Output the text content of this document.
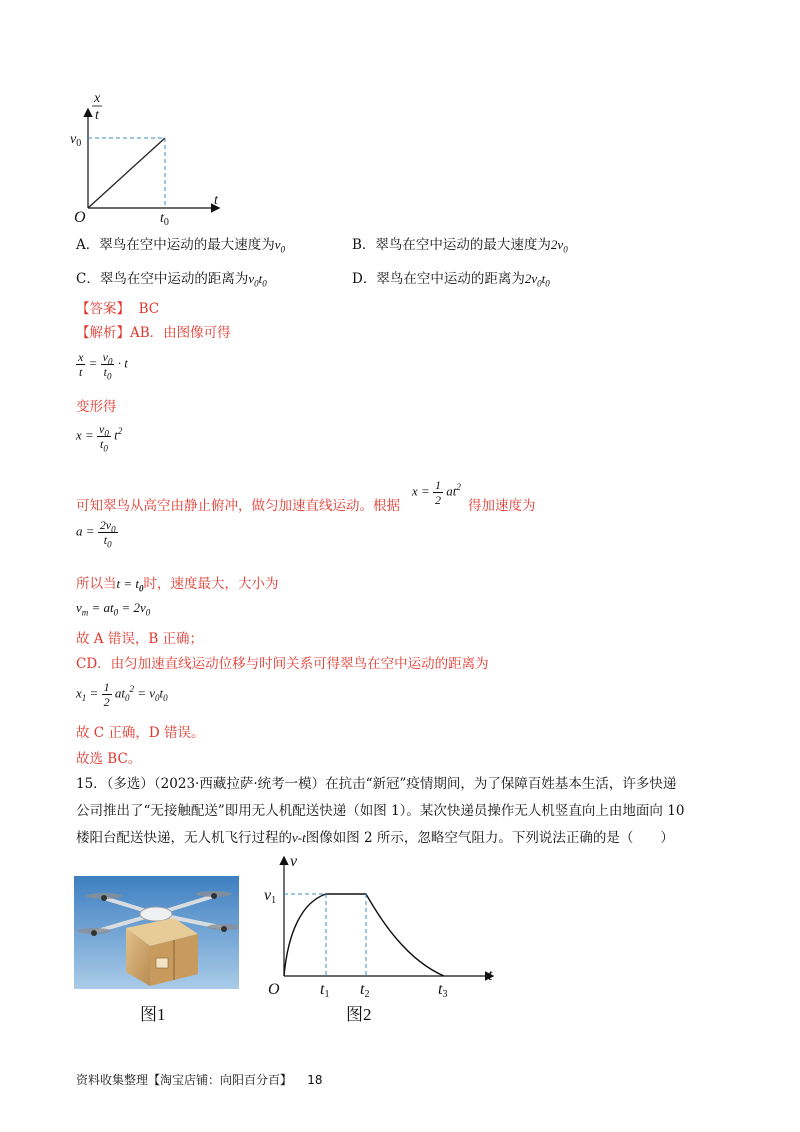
x
t
$v_0$
O	$t_0$
t
A．翠鸟在空中运动的最大速度为$v_0$	B．翠鸟在空中运动的最大速度为$2v_0$
C．翠鸟在空中运动的距离为$v_0t_0$	D．翠鸟在空中运动的距离为$2v_0t_0$
【答案】 BC
【解析】AB．由图像可得
$\frac{x}{t} = \frac{v_0}{t_0} \cdot t$
变形得
$x = \frac{v_0}{t_0} t^2$
可知翠鸟从高空由静止俯冲，做匀加速直线运动。根据
$x = \frac{1}{2} at^2$
得加速度为
$a = \frac{2v_0}{t_0}$
所以当$t = t_0$时，速度最大，大小为
$v_m = at_0 = 2v_0$
故 A 错误，B 正确；
CD．由匀加速直线运动位移与时间关系可得翠鸟在空中运动的距离为
$x_1 = \frac{1}{2} at_0^2 = v_0t_0$
故 C 正确，D 错误。
故选 BC。
15．（多选）（2023·西藏拉萨·统考一模）在抗击“新冠”疫情期间，为了保障百姓基本生活，许多快递
公司推出了“无接触配送”即用无人机配送快递（如图 1）。某次快递员操作无人机竖直向上由地面向 10
楼阳台配送快递，无人机飞行过程的v-t图像如图 2 所示，忽略空气阻力。下列说法正确的是（　　）
图1
v
v1
O	t1 t2	t3
t
图2
资料收集整理【淘宝店铺：向阳百分百】 18
